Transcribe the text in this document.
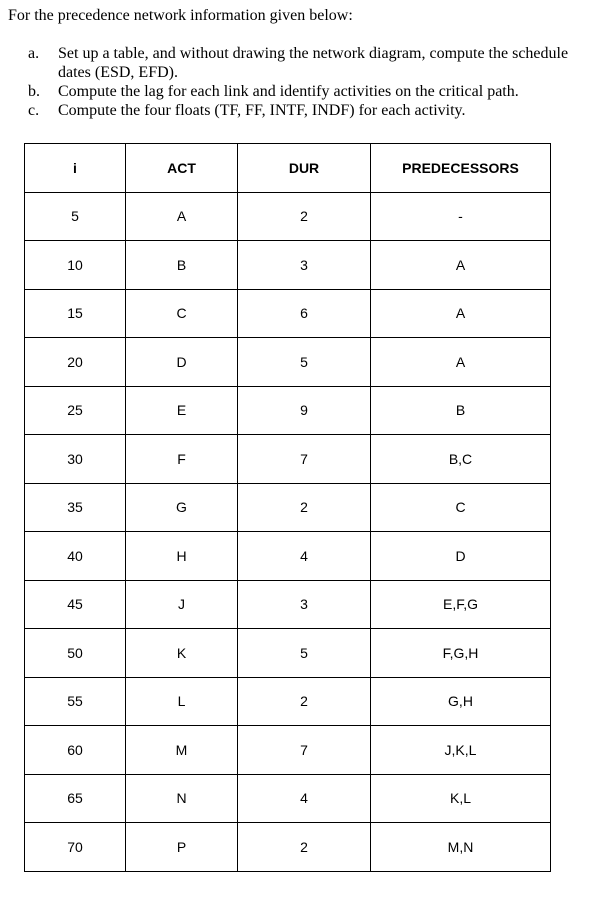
For the precedence network information given below:

a . Set up a table, and without drawing the network diagram, compute the schedule dates (ESD, EFD).
b . Compute the lag for each link and identify activities on the critical path.
c . Compute the four floats (TF, FF, INTF, INDF) for each activity.
i	ACT	DUR	PREDECESSORS
5	A	2	-
10	B	3	A
15	C	6	A
20	D	5	A
25	E	9	B
30	F	7	B,C
35	G	2	C
40	H	4	D
45	J	3	E,F,G
50	K	5	F,G,H
55	L	2	G,H
60	M	7	J,K,L
65	N	4	K,L
70	P	2	M,N
